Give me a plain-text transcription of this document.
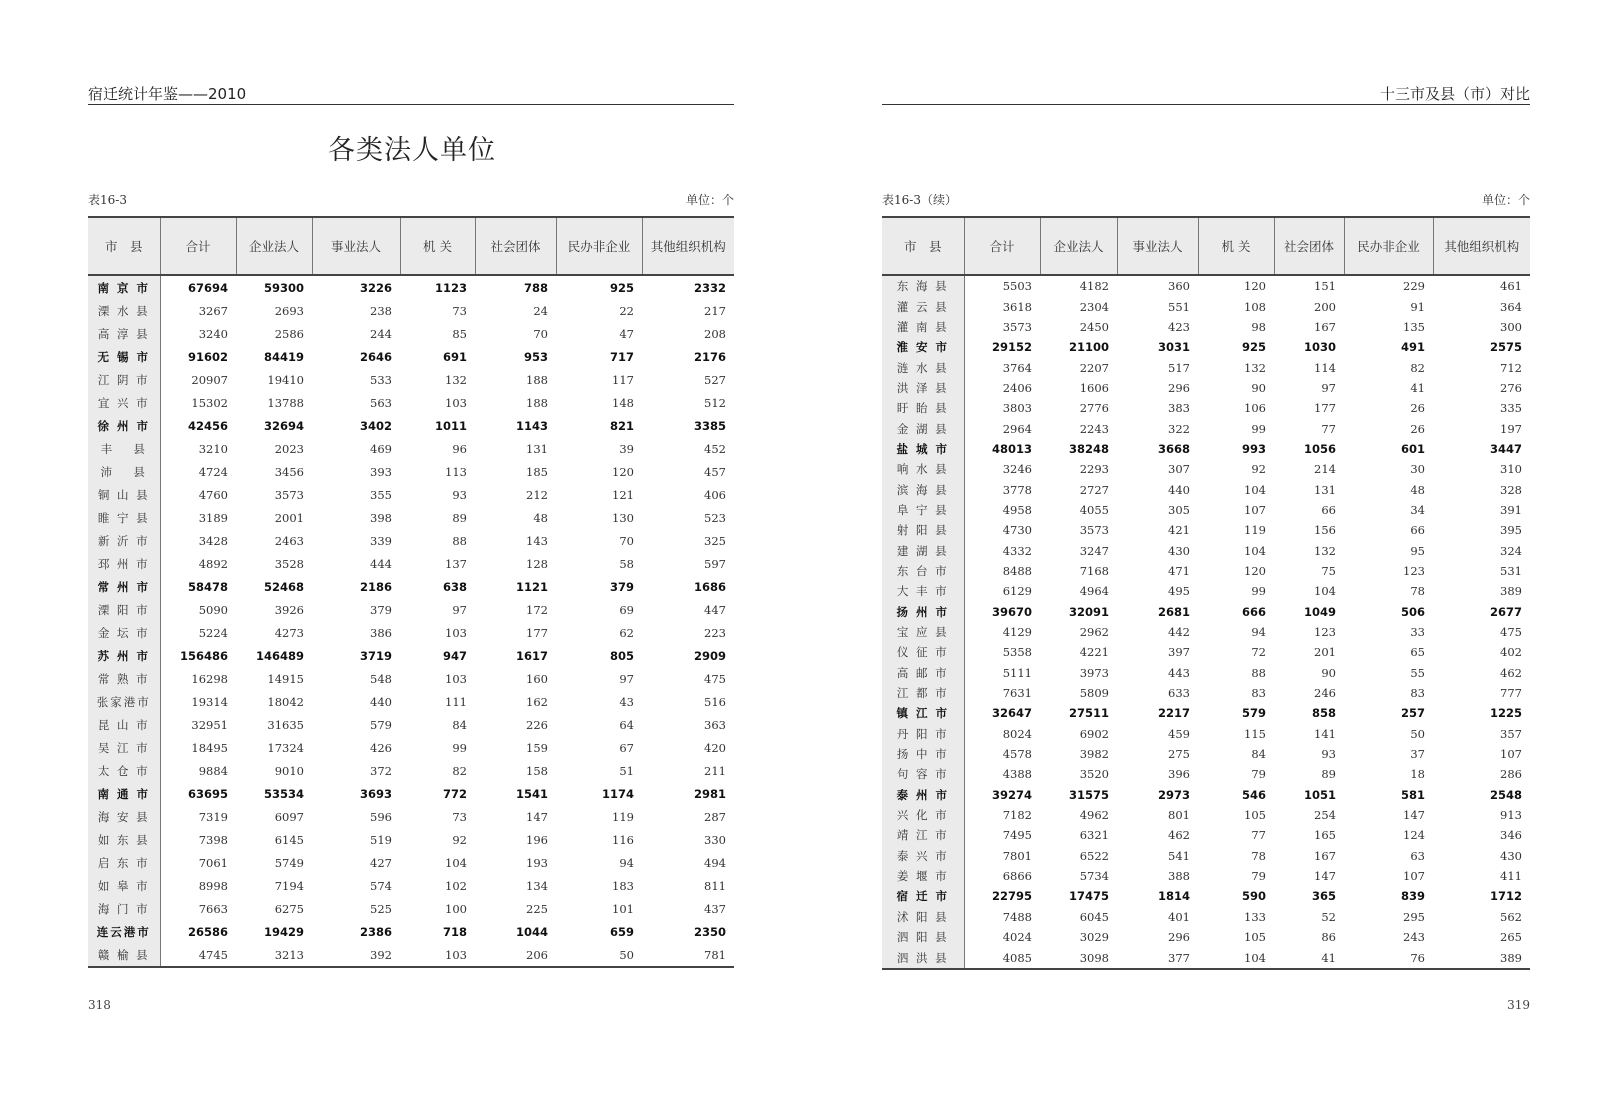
宿迁统计年鉴——2010
各类法人单位
表16-3	单位：个
市　县	合计	企业法人	事业法人	机 关	社会团体	民办非企业	其他组织机构
南 京 市	67694	59300	3226	1123	788	925	2332
溧 水 县	3267	2693	238	73	24	22	217
高 淳 县	3240	2586	244	85	70	47	208
无 锡 市	91602	84419	2646	691	953	717	2176
江 阴 市	20907	19410	533	132	188	117	527
宜 兴 市	15302	13788	563	103	188	148	512
徐 州 市	42456	32694	3402	1011	1143	821	3385
丰　 县	3210	2023	469	96	131	39	452
沛　 县	4724	3456	393	113	185	120	457
铜 山 县	4760	3573	355	93	212	121	406
睢 宁 县	3189	2001	398	89	48	130	523
新 沂 市	3428	2463	339	88	143	70	325
邳 州 市	4892	3528	444	137	128	58	597
常 州 市	58478	52468	2186	638	1121	379	1686
溧 阳 市	5090	3926	379	97	172	69	447
金 坛 市	5224	4273	386	103	177	62	223
苏 州 市	156486	146489	3719	947	1617	805	2909
常 熟 市	16298	14915	548	103	160	97	475
张家港市	19314	18042	440	111	162	43	516
昆 山 市	32951	31635	579	84	226	64	363
吴 江 市	18495	17324	426	99	159	67	420
太 仓 市	9884	9010	372	82	158	51	211
南 通 市	63695	53534	3693	772	1541	1174	2981
海 安 县	7319	6097	596	73	147	119	287
如 东 县	7398	6145	519	92	196	116	330
启 东 市	7061	5749	427	104	193	94	494
如 皋 市	8998	7194	574	102	134	183	811
海 门 市	7663	6275	525	100	225	101	437
连云港市	26586	19429	2386	718	1044	659	2350
赣 榆 县	4745	3213	392	103	206	50	781
318
十三市及县（市）对比
表16-3（续）	单位：个
市　县	合计	企业法人	事业法人	机 关	社会团体	民办非企业	其他组织机构
东 海 县	5503	4182	360	120	151	229	461
灌 云 县	3618	2304	551	108	200	91	364
灌 南 县	3573	2450	423	98	167	135	300
淮 安 市	29152	21100	3031	925	1030	491	2575
涟 水 县	3764	2207	517	132	114	82	712
洪 泽 县	2406	1606	296	90	97	41	276
盱 眙 县	3803	2776	383	106	177	26	335
金 湖 县	2964	2243	322	99	77	26	197
盐 城 市	48013	38248	3668	993	1056	601	3447
响 水 县	3246	2293	307	92	214	30	310
滨 海 县	3778	2727	440	104	131	48	328
阜 宁 县	4958	4055	305	107	66	34	391
射 阳 县	4730	3573	421	119	156	66	395
建 湖 县	4332	3247	430	104	132	95	324
东 台 市	8488	7168	471	120	75	123	531
大 丰 市	6129	4964	495	99	104	78	389
扬 州 市	39670	32091	2681	666	1049	506	2677
宝 应 县	4129	2962	442	94	123	33	475
仪 征 市	5358	4221	397	72	201	65	402
高 邮 市	5111	3973	443	88	90	55	462
江 都 市	7631	5809	633	83	246	83	777
镇 江 市	32647	27511	2217	579	858	257	1225
丹 阳 市	8024	6902	459	115	141	50	357
扬 中 市	4578	3982	275	84	93	37	107
句 容 市	4388	3520	396	79	89	18	286
泰 州 市	39274	31575	2973	546	1051	581	2548
兴 化 市	7182	4962	801	105	254	147	913
靖 江 市	7495	6321	462	77	165	124	346
泰 兴 市	7801	6522	541	78	167	63	430
姜 堰 市	6866	5734	388	79	147	107	411
宿 迁 市	22795	17475	1814	590	365	839	1712
沭 阳 县	7488	6045	401	133	52	295	562
泗 阳 县	4024	3029	296	105	86	243	265
泗 洪 县	4085	3098	377	104	41	76	389
319
